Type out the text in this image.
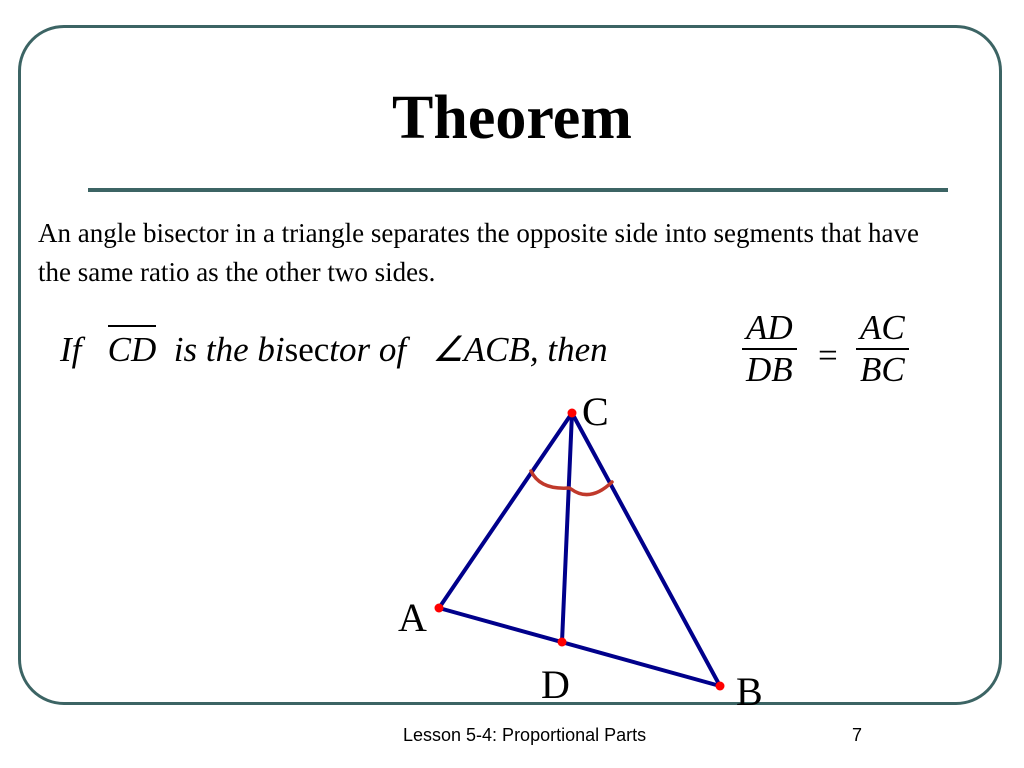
Theorem
An angle bisector in a triangle separates the opposite side into segments that have the same ratio as the other two sides.
If CD is the bisector of ∠ACB, then	$\frac{AD}{DB} = \frac{AC}{BC}$
C
A
D	B
Lesson 5-4: Proportional Parts	7
